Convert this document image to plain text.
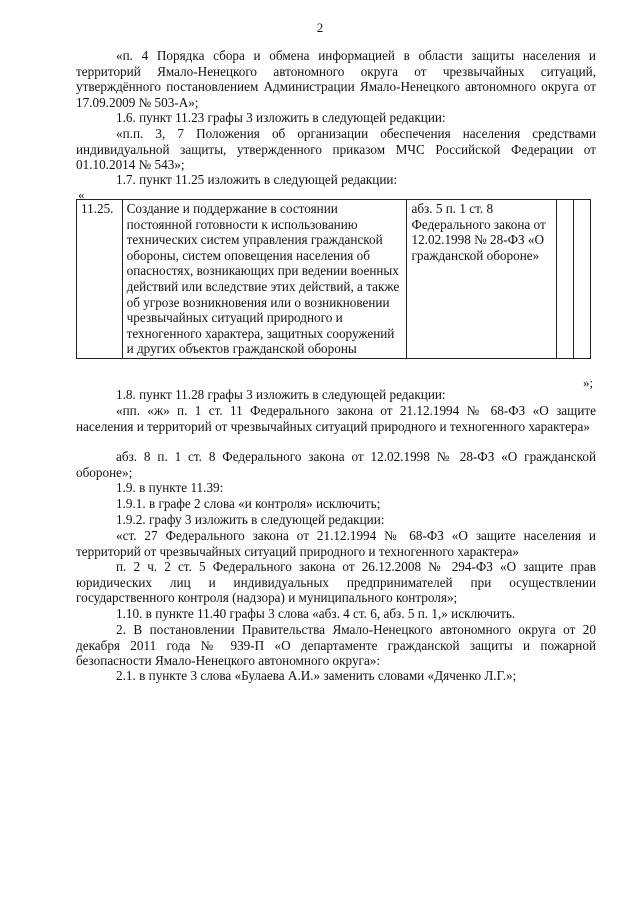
2
«п. 4 Порядка сбора и обмена информацией в области защиты населения и территорий Ямало-Ненецкого автономного округа от чрезвычайных ситуаций, утверждённого постановлением Администрации Ямало-Ненецкого автономного округа от 17.09.2009 № 503-А»;
1.6. пункт 11.23 графы 3 изложить в следующей редакции:
«п.п. 3, 7 Положения об организации обеспечения населения средствами индивидуальной защиты, утвержденного приказом МЧС Российской Федерации от 01.10.2014 № 543»;
1.7. пункт 11.25 изложить в следующей редакции:
«
11.25.	Создание и поддержание в состоянии постоянной готовности к использованию технических систем управления гражданской обороны, систем оповещения населения об опасностях, возникающих при ведении военных действий или вследствие этих действий, а также об угрозе возникновения или о возникновении чрезвычайных ситуаций природного и техногенного характера, защитных сооружений и других объектов гражданской обороны	абз. 5 п. 1 ст. 8 Федерального закона от 12.02.1998 № 28-ФЗ «О гражданской обороне»		
»;
1.8. пункт 11.28 графы 3 изложить в следующей редакции:
«пп. «ж» п. 1 ст. 11 Федерального закона от 21.12.1994 № 68-ФЗ «О защите населения и территорий от чрезвычайных ситуаций природного и техногенного характера»
абз. 8 п. 1 ст. 8 Федерального закона от 12.02.1998 № 28-ФЗ «О гражданской обороне»;
1.9. в пункте 11.39:
1.9.1. в графе 2 слова «и контроля» исключить;
1.9.2. графу 3 изложить в следующей редакции:
«ст. 27 Федерального закона от 21.12.1994 № 68-ФЗ «О защите населения и территорий от чрезвычайных ситуаций природного и техногенного характера»
п. 2 ч. 2 ст. 5 Федерального закона от 26.12.2008 № 294-ФЗ «О защите прав юридических лиц и индивидуальных предпринимателей при осуществлении государственного контроля (надзора) и муниципального контроля»;
1.10. в пункте 11.40 графы 3 слова «абз. 4 ст. 6, абз. 5 п. 1,» исключить.
2. В постановлении Правительства Ямало-Ненецкого автономного округа от 20 декабря 2011 года № 939-П «О департаменте гражданской защиты и пожарной безопасности Ямало-Ненецкого автономного округа»:
2.1. в пункте 3 слова «Булаева А.И.» заменить словами «Дяченко Л.Г.»;
